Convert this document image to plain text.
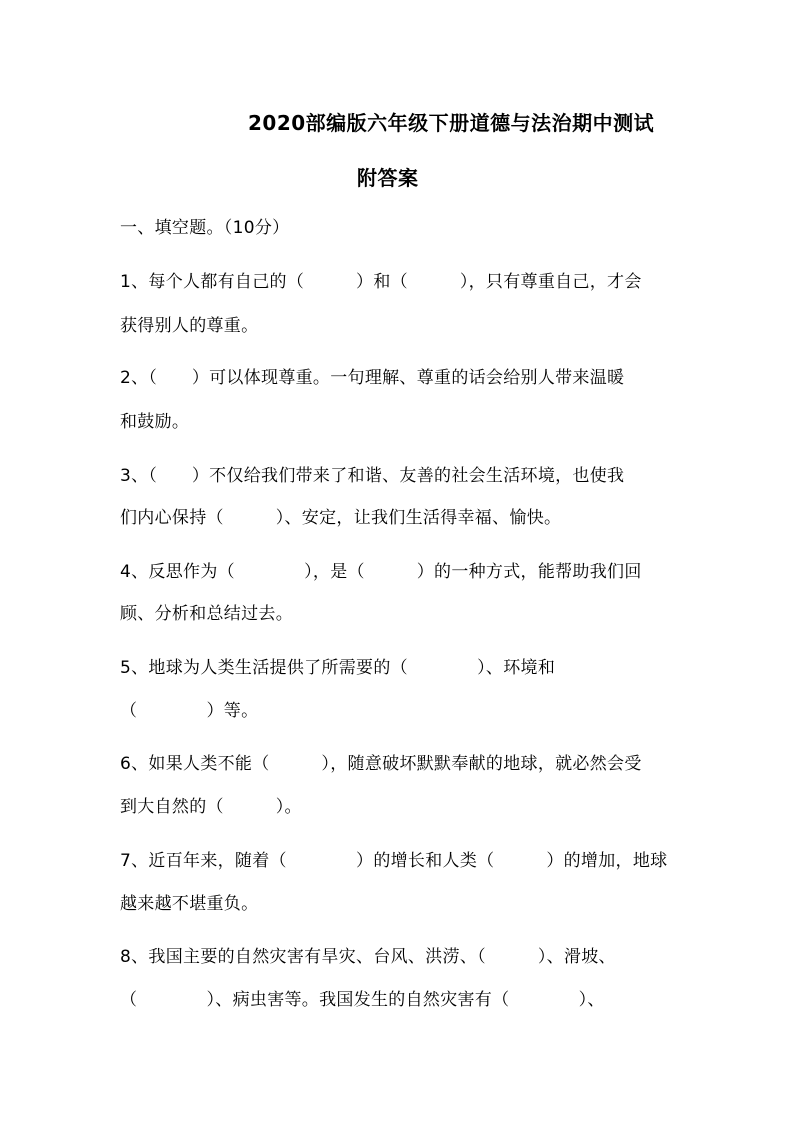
2020部编版六年级下册道德与法治期中测试
附答案
一、填空题。（10分）
1、每个人都有自己的（　　　）和（　　　），只有尊重自己，才会
获得别人的尊重。
2、（　　）可以体现尊重。一句理解、尊重的话会给别人带来温暖
和鼓励。
3、（　　）不仅给我们带来了和谐、友善的社会生活环境，也使我
们内心保持（　　　）、安定，让我们生活得幸福、愉快。
4、反思作为（　　　　），是（　　　）的一种方式，能帮助我们回
顾、分析和总结过去。
5、地球为人类生活提供了所需要的（　　　　）、环境和
（　　　　）等。
6、如果人类不能（　　　），随意破坏默默奉献的地球，就必然会受
到大自然的（　　　）。
7、近百年来，随着（　　　　）的增长和人类（　　　）的增加，地球
越来越不堪重负。
8、我国主要的自然灾害有旱灾、台风、洪涝、（　　　）、滑坡、
（　　　　）、病虫害等。我国发生的自然灾害有（　　　　）、
